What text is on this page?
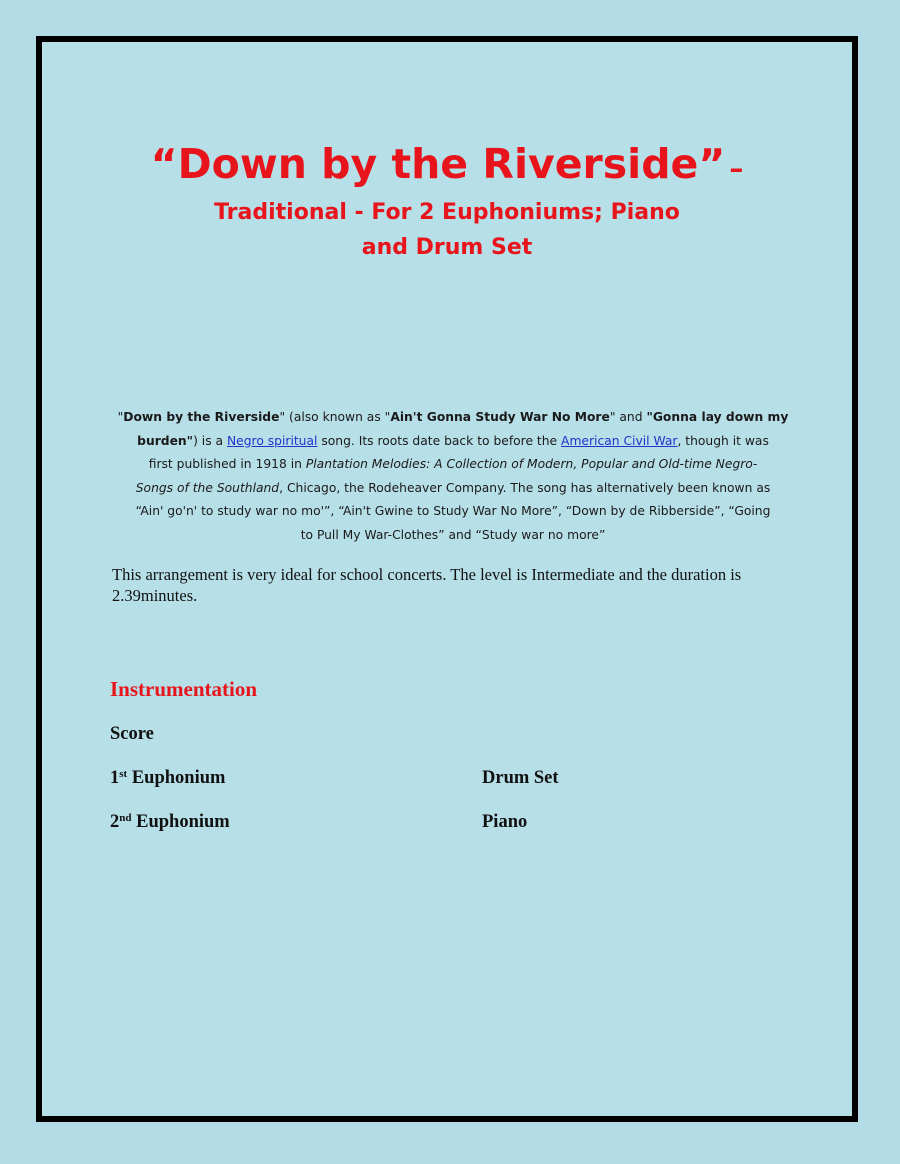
“Down by the Riverside” –
Traditional - For 2 Euphoniums; Piano
and Drum Set
"Down by the Riverside" (also known as "Ain't Gonna Study War No More" and "Gonna lay down my
burden") is a Negro spiritual song. Its roots date back to before the American Civil War, though it was
first published in 1918 in Plantation Melodies: A Collection of Modern, Popular and Old-time Negro-
Songs of the Southland, Chicago, the Rodeheaver Company. The song has alternatively been known as
“Ain' go'n' to study war no mo'”, “Ain't Gwine to Study War No More”, “Down by de Ribberside”, “Going
to Pull My War-Clothes” and “Study war no more”
This arrangement is very ideal for school concerts. The level is Intermediate and the duration is 2.39minutes.
Instrumentation
Score
1st Euphonium
2nd Euphonium
Drum Set
Piano
